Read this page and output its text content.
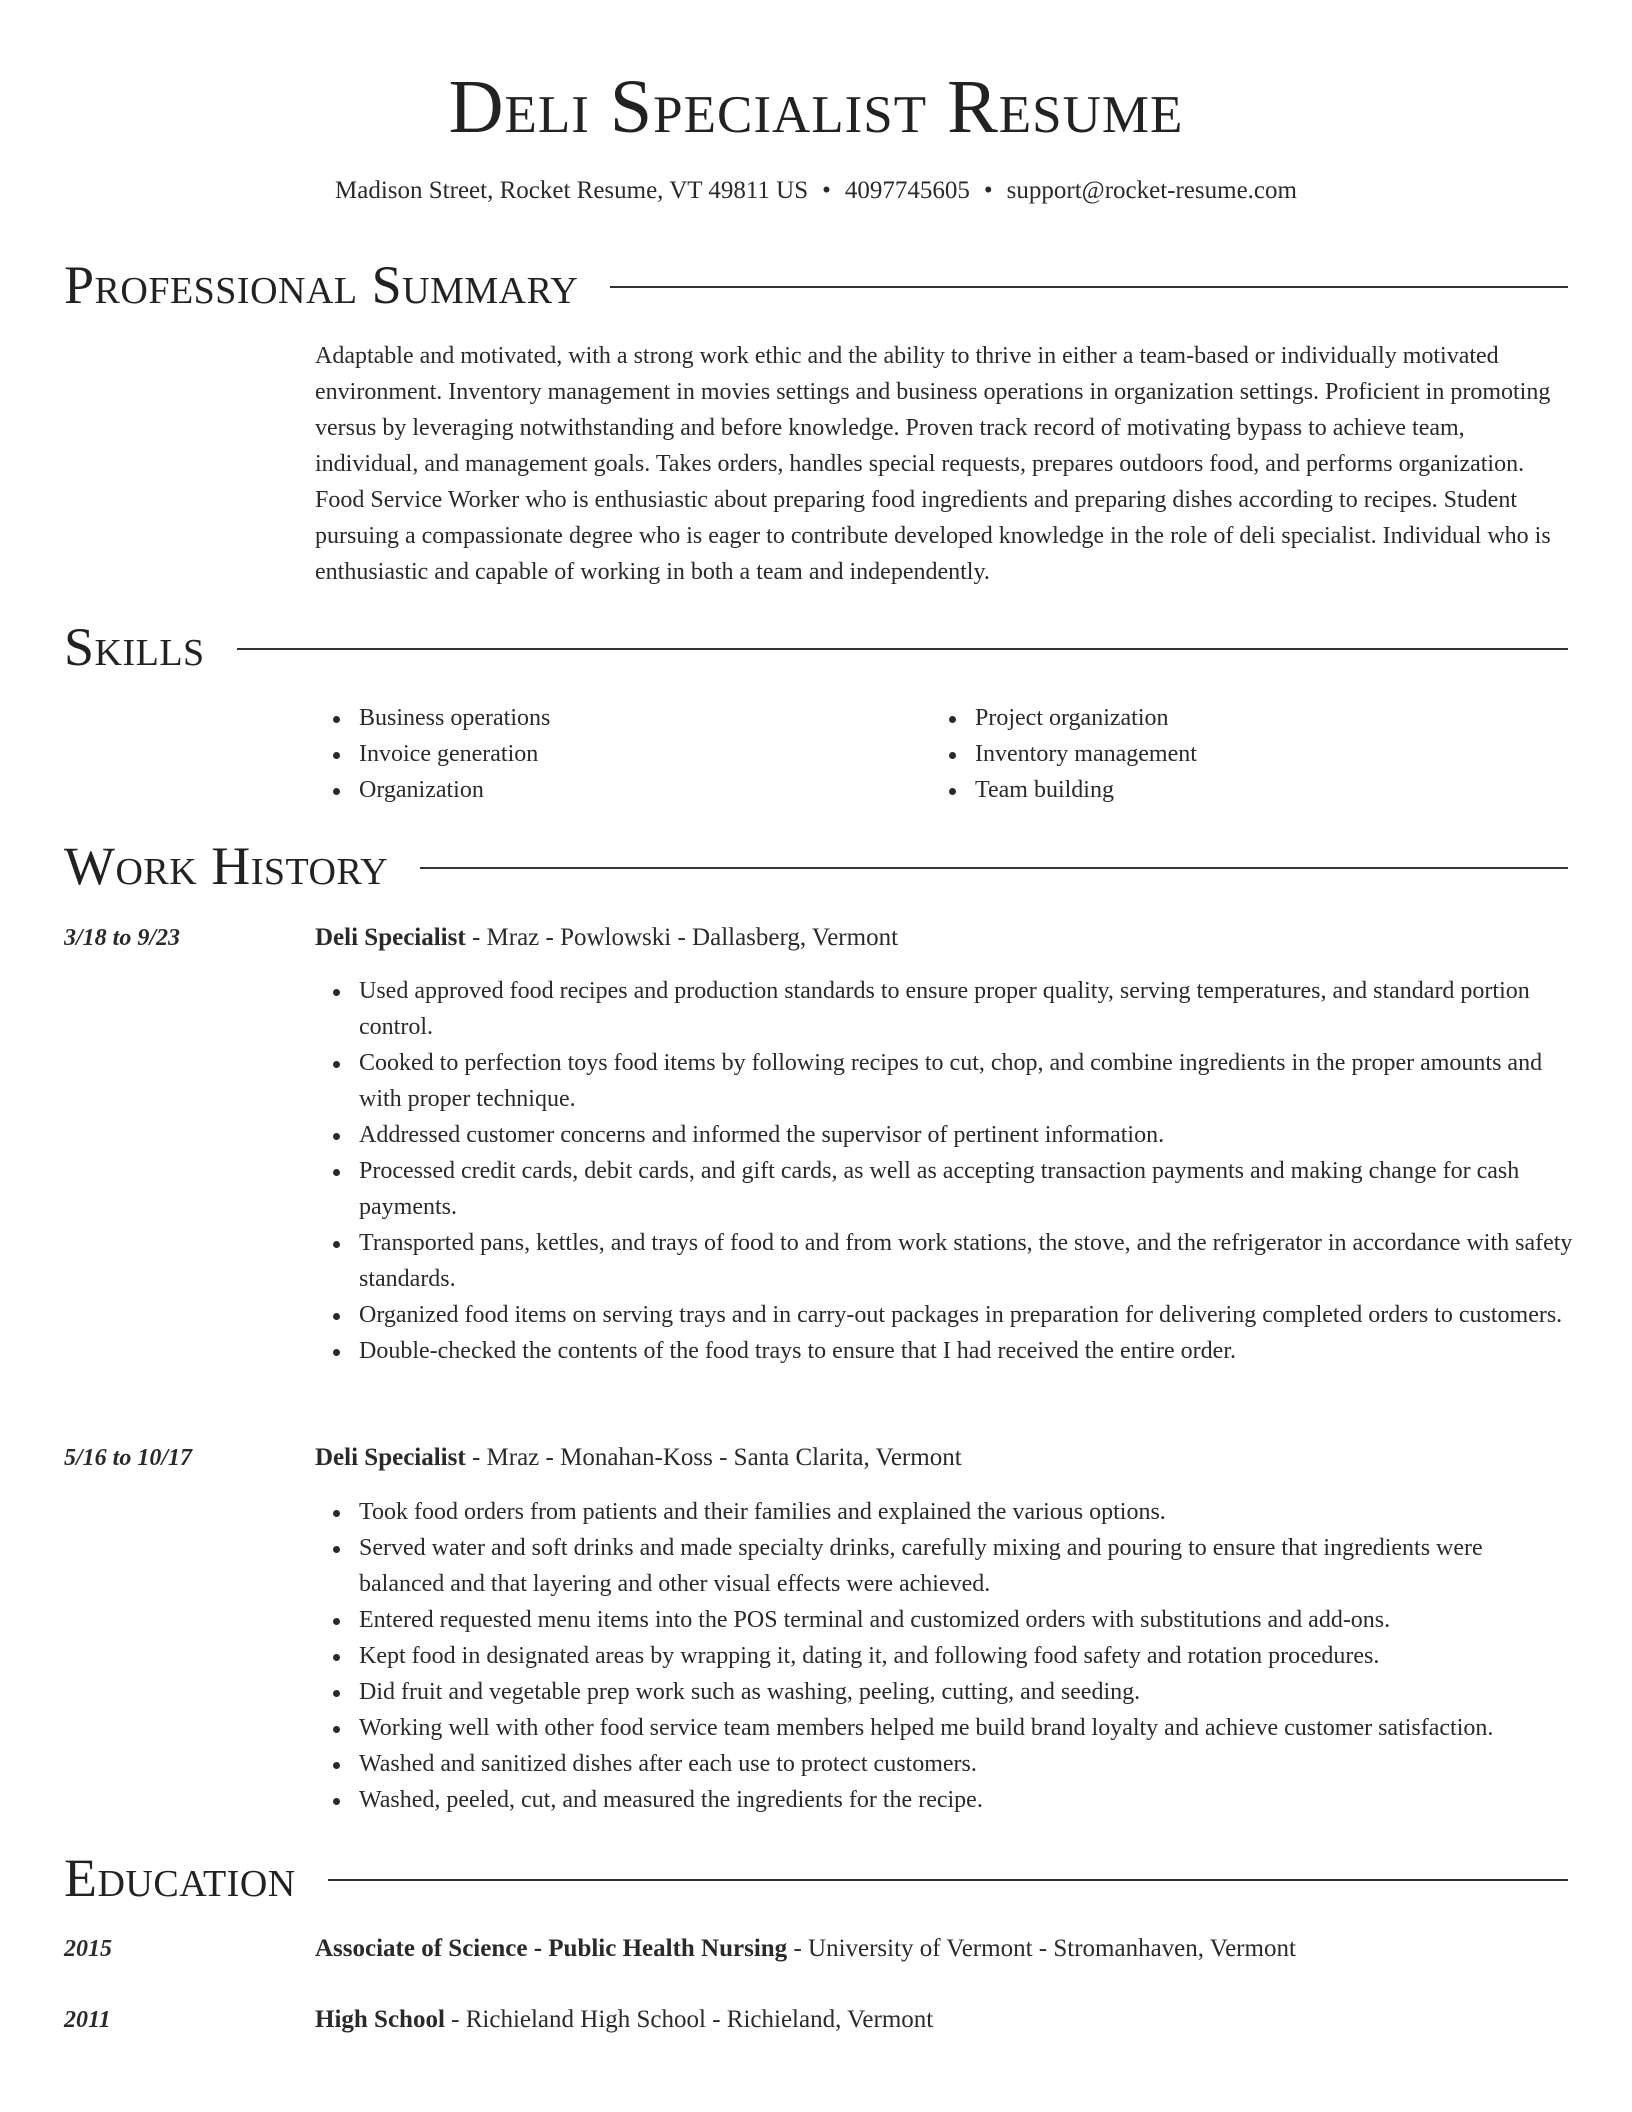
Deli Specialist Resume
Madison Street, Rocket Resume, VT 49811 US • 4097745605 • support@rocket-resume.com
Professional Summary
Adaptable and motivated, with a strong work ethic and the ability to thrive in either a team-based or individually motivated environment. Inventory management in movies settings and business operations in organization settings. Proficient in promoting versus by leveraging notwithstanding and before knowledge. Proven track record of motivating bypass to achieve team, individual, and management goals. Takes orders, handles special requests, prepares outdoors food, and performs organization. Food Service Worker who is enthusiastic about preparing food ingredients and preparing dishes according to recipes. Student pursuing a compassionate degree who is eager to contribute developed knowledge in the role of deli specialist. Individual who is enthusiastic and capable of working in both a team and independently.
Skills
Business operations
Invoice generation
Organization
Project organization
Inventory management
Team building
Work History
3/18 to 9/23	Deli Specialist - Mraz - Powlowski - Dallasberg, Vermont
Used approved food recipes and production standards to ensure proper quality, serving temperatures, and standard portion control.
Cooked to perfection toys food items by following recipes to cut, chop, and combine ingredients in the proper amounts and with proper technique.
Addressed customer concerns and informed the supervisor of pertinent information.
Processed credit cards, debit cards, and gift cards, as well as accepting transaction payments and making change for cash payments.
Transported pans, kettles, and trays of food to and from work stations, the stove, and the refrigerator in accordance with safety standards.
Organized food items on serving trays and in carry-out packages in preparation for delivering completed orders to customers.
Double-checked the contents of the food trays to ensure that I had received the entire order.
5/16 to 10/17	Deli Specialist - Mraz - Monahan-Koss - Santa Clarita, Vermont
Took food orders from patients and their families and explained the various options.
Served water and soft drinks and made specialty drinks, carefully mixing and pouring to ensure that ingredients were balanced and that layering and other visual effects were achieved.
Entered requested menu items into the POS terminal and customized orders with substitutions and add-ons.
Kept food in designated areas by wrapping it, dating it, and following food safety and rotation procedures.
Did fruit and vegetable prep work such as washing, peeling, cutting, and seeding.
Working well with other food service team members helped me build brand loyalty and achieve customer satisfaction.
Washed and sanitized dishes after each use to protect customers.
Washed, peeled, cut, and measured the ingredients for the recipe.
Education
2015	Associate of Science - Public Health Nursing - University of Vermont - Stromanhaven, Vermont
2011	High School - Richieland High School - Richieland, Vermont
